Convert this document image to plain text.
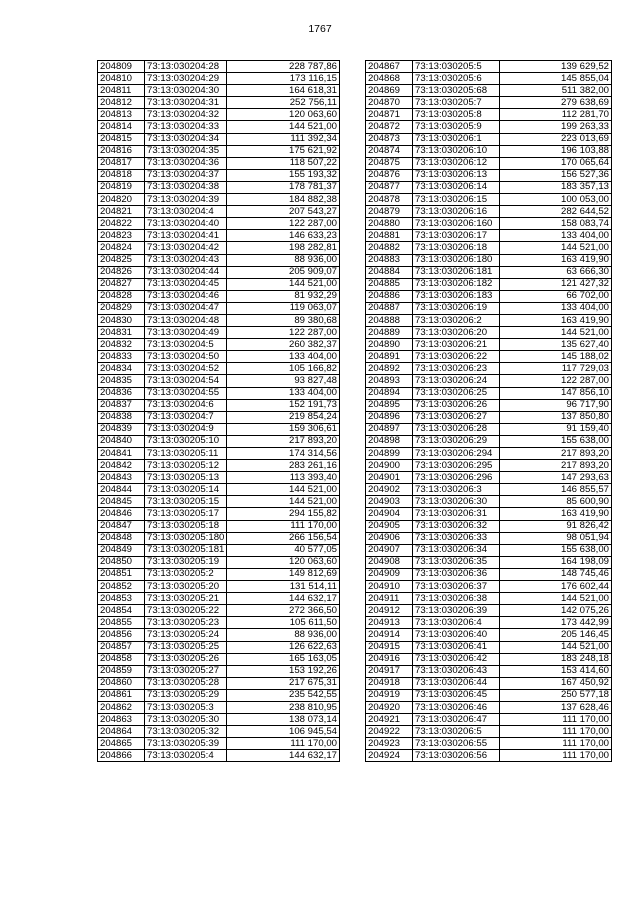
1767
204809	73:13:030204:28	228 787,86
204810	73:13:030204:29	173 116,15
204811	73:13:030204:30	164 618,31
204812	73:13:030204:31	252 756,11
204813	73:13:030204:32	120 063,60
204814	73:13:030204:33	144 521,00
204815	73:13:030204:34	111 392,34
204816	73:13:030204:35	175 621,92
204817	73:13:030204:36	118 507,22
204818	73:13:030204:37	155 193,32
204819	73:13:030204:38	178 781,37
204820	73:13:030204:39	184 882,38
204821	73:13:030204:4	207 543,27
204822	73:13:030204:40	122 287,00
204823	73:13:030204:41	146 633,23
204824	73:13:030204:42	198 282,81
204825	73:13:030204:43	88 936,00
204826	73:13:030204:44	205 909,07
204827	73:13:030204:45	144 521,00
204828	73:13:030204:46	81 932,29
204829	73:13:030204:47	119 063,07
204830	73:13:030204:48	89 380,68
204831	73:13:030204:49	122 287,00
204832	73:13:030204:5	260 382,37
204833	73:13:030204:50	133 404,00
204834	73:13:030204:52	105 166,82
204835	73:13:030204:54	93 827,48
204836	73:13:030204:55	133 404,00
204837	73:13:030204:6	152 191,73
204838	73:13:030204:7	219 854,24
204839	73:13:030204:9	159 306,61
204840	73:13:030205:10	217 893,20
204841	73:13:030205:11	174 314,56
204842	73:13:030205:12	283 261,16
204843	73:13:030205:13	113 393,40
204844	73:13:030205:14	144 521,00
204845	73:13:030205:15	144 521,00
204846	73:13:030205:17	294 155,82
204847	73:13:030205:18	111 170,00
204848	73:13:030205:180	266 156,54
204849	73:13:030205:181	40 577,05
204850	73:13:030205:19	120 063,60
204851	73:13:030205:2	149 812,69
204852	73:13:030205:20	131 514,11
204853	73:13:030205:21	144 632,17
204854	73:13:030205:22	272 366,50
204855	73:13:030205:23	105 611,50
204856	73:13:030205:24	88 936,00
204857	73:13:030205:25	126 622,63
204858	73:13:030205:26	165 163,05
204859	73:13:030205:27	153 192,26
204860	73:13:030205:28	217 675,31
204861	73:13:030205:29	235 542,55
204862	73:13:030205:3	238 810,95
204863	73:13:030205:30	138 073,14
204864	73:13:030205:32	106 945,54
204865	73:13:030205:39	111 170,00
204866	73:13:030205:4	144 632,17
204867	73:13:030205:5	139 629,52
204868	73:13:030205:6	145 855,04
204869	73:13:030205:68	511 382,00
204870	73:13:030205:7	279 638,69
204871	73:13:030205:8	112 281,70
204872	73:13:030205:9	199 263,33
204873	73:13:030206:1	223 013,69
204874	73:13:030206:10	196 103,88
204875	73:13:030206:12	170 065,64
204876	73:13:030206:13	156 527,36
204877	73:13:030206:14	183 357,13
204878	73:13:030206:15	100 053,00
204879	73:13:030206:16	282 644,52
204880	73:13:030206:160	158 083,74
204881	73:13:030206:17	133 404,00
204882	73:13:030206:18	144 521,00
204883	73:13:030206:180	163 419,90
204884	73:13:030206:181	63 666,30
204885	73:13:030206:182	121 427,32
204886	73:13:030206:183	66 702,00
204887	73:13:030206:19	133 404,00
204888	73:13:030206:2	163 419,90
204889	73:13:030206:20	144 521,00
204890	73:13:030206:21	135 627,40
204891	73:13:030206:22	145 188,02
204892	73:13:030206:23	117 729,03
204893	73:13:030206:24	122 287,00
204894	73:13:030206:25	147 856,10
204895	73:13:030206:26	96 717,90
204896	73:13:030206:27	137 850,80
204897	73:13:030206:28	91 159,40
204898	73:13:030206:29	155 638,00
204899	73:13:030206:294	217 893,20
204900	73:13:030206:295	217 893,20
204901	73:13:030206:296	147 293,63
204902	73:13:030206:3	146 855,57
204903	73:13:030206:30	85 600,90
204904	73:13:030206:31	163 419,90
204905	73:13:030206:32	91 826,42
204906	73:13:030206:33	98 051,94
204907	73:13:030206:34	155 638,00
204908	73:13:030206:35	164 198,09
204909	73:13:030206:36	148 745,46
204910	73:13:030206:37	176 602,44
204911	73:13:030206:38	144 521,00
204912	73:13:030206:39	142 075,26
204913	73:13:030206:4	173 442,99
204914	73:13:030206:40	205 146,45
204915	73:13:030206:41	144 521,00
204916	73:13:030206:42	183 248,18
204917	73:13:030206:43	153 414,60
204918	73:13:030206:44	167 450,92
204919	73:13:030206:45	250 577,18
204920	73:13:030206:46	137 628,46
204921	73:13:030206:47	111 170,00
204922	73:13:030206:5	111 170,00
204923	73:13:030206:55	111 170,00
204924	73:13:030206:56	111 170,00
